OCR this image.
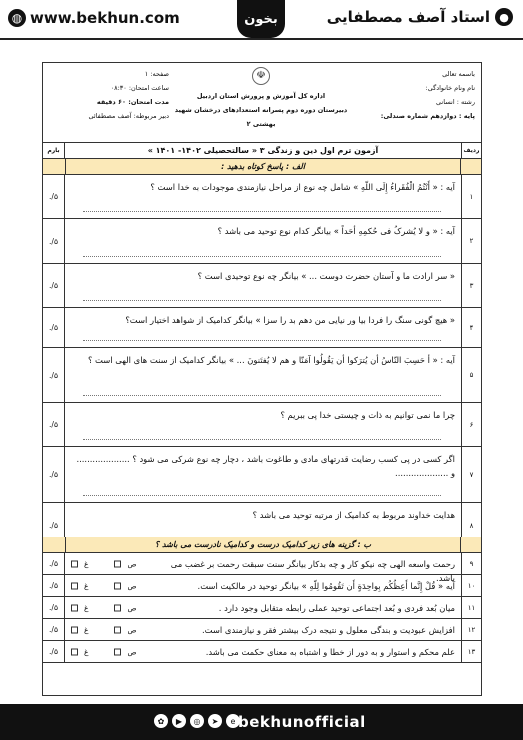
◍ www.bekhun.com	بخون	●
استاد آصف مصطفایی
باسمه تعالی
نام ونام خانوادگی:
رشته : انسانی
پایه : دوازدهم شماره صندلی:
☫
اداره کل آموزش و پرورش استان اردبیل
دبیرستان دوره دوم پسرانه استعدادهای درخشان شهید بهشتی ۲
صفحه: ۱
ساعت امتحان: ۰۸:۳۰
مدت امتحان: ۶۰ دقیقه
دبیر مربوطه: آصف مصطفائی
ردیف
آزمون ترم اول دین و زندگی ۳ « سالتحصیلی ۱۴۰۲- ۱۴۰۱ »
بارم
الف : پاسخ کوتاه بدهید :
۱
آیه : « أَنْتُمُ الْفُقَراءُ إِلَى اللّهِ » شامل چه نوع از مراحل نیازمندی موجودات به خدا است ؟
۵/.
۲
آیه : « و لا یُشرکُ فی حُکمِهِ أحَداً » بیانگر کدام نوع توحید می باشد ؟
۵/.
۳
« سر ارادت ما و آستان حضرت دوست ... » بیانگر چه نوع توحیدی است ؟
۵/.
۴
« هیچ گونی سنگ را فردا بیا ور نیایی من دهم بد را سزا » بیانگر کدامیک از شواهد اختیار است؟
۵/.
۵
آیه : « أ حَسِبَ النّاسُ أن یُترَکوا أن یَقُولُوا آمَنّا و هم لا یُفتَنونَ ... » بیانگر کدامیک از سنت های الهی است ؟
۵/.
۶
چرا ما نمی توانیم به ذات و چیستی خدا پی ببریم ؟
۵/.
۷
اگر کسی در پی کسب رضایت قدرتهای مادی و طاغوت باشد ، دچار چه نوع شرکی می شود ؟ .................... و ....................
۵/.
۸
هدایت خداوند مربوط به کدامیک از مرتبه توحید می باشد ؟
۵/.
ب : گزینه های زیر کدامیک درست و کدامیک نادرست می باشد ؟
۹
رحمت واسعه الهی چه نیکو کار و چه بدکار بیانگر سنت سبقت رحمت بر غضب می باشد.
غ	ص
۵/.
۱۰
آیه « قُلْ إِنَّما أَعِظُکُم بِواحِدَةٍ أَن تَقُومُوا لِلّهِ » بیانگر توحید در مالکیت است.
غ	ص
۵/.
۱۱
میان بُعد فردی و بُعد اجتماعی توحید عملی رابطه متقابل وجود دارد .
غ	ص
۵/.
۱۲
افزایش عبودیت و بندگی معلول و نتیجه درک بیشتر فقر و نیازمندی است.
غ	ص
۵/.
۱۳
علم محکم و استوار و به دور از خطا و اشتباه به معنای حکمت می باشد.
غ	ص
۵/.
✿	▶	◎	➤	e bekhunofficial
